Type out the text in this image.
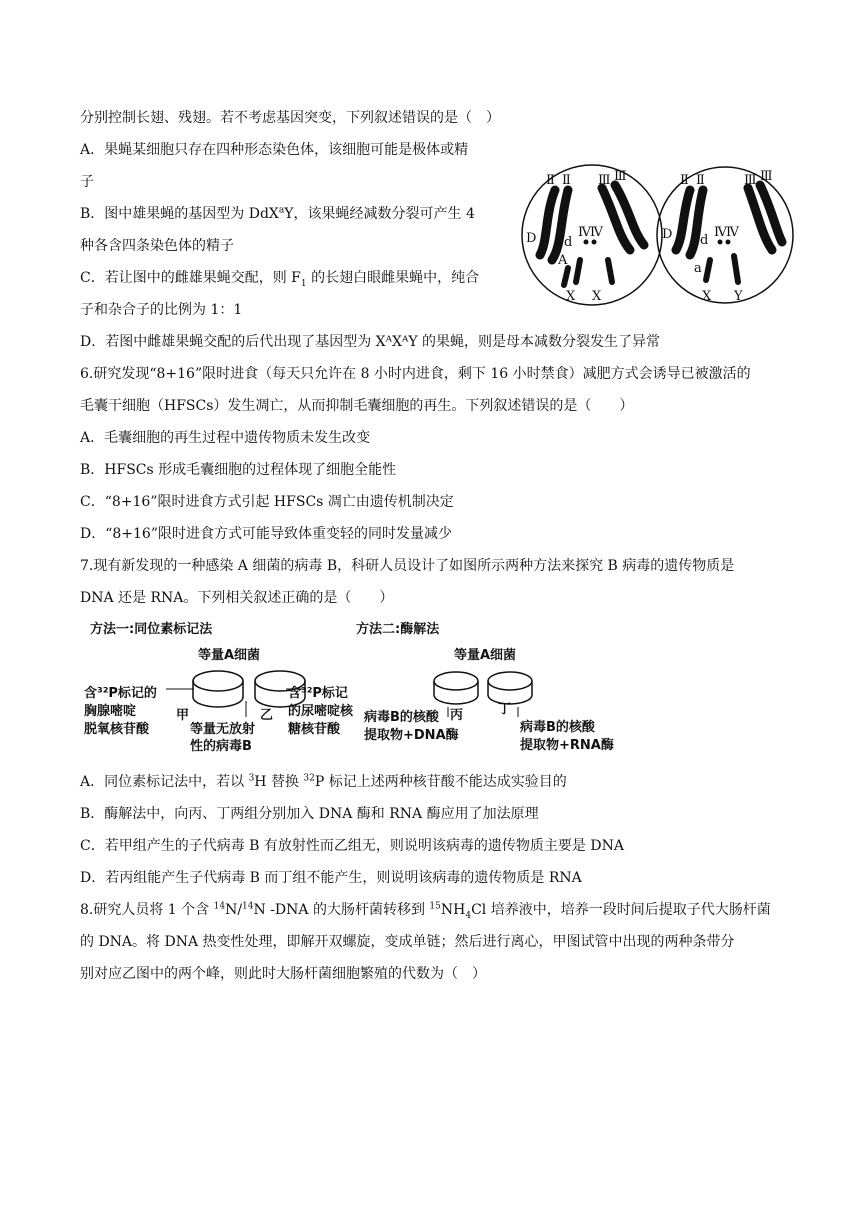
分别控制长翅、残翅。若不考虑基因突变，下列叙述错误的是（　）
A．果蝇某细胞只存在四种形态染色体，该细胞可能是极体或精
子
B．图中雄果蝇的基因型为 DdX$^a$Y，该果蝇经减数分裂可产生 4
种各含四条染色体的精子
C．若让图中的雌雄果蝇交配，则 $F_1$ 的长翅白眼雌果蝇中，纯合
子和杂合子的比例为 1：1
Ⅱ Ⅱ Ⅲ Ⅲ
D d
Ⅳ Ⅳ
A
a
X X
Ⅱ Ⅱ	Ⅲ Ⅲ
D d
Ⅳ Ⅳ
a
X Y
D．若图中雌雄果蝇交配的后代出现了基因型为 XᴬXᴬY 的果蝇，则是母本减数分裂发生了异常
6.研究发现“8+16”限时进食（每天只允许在 8 小时内进食，剩下 16 小时禁食）减肥方式会诱导已被激活的
毛囊干细胞（HFSCs）发生凋亡，从而抑制毛囊细胞的再生。下列叙述错误的是（　　）
A．毛囊细胞的再生过程中遗传物质未发生改变
B．HFSCs 形成毛囊细胞的过程体现了细胞全能性
C．“8+16”限时进食方式引起 HFSCs 凋亡由遗传机制决定
D．“8+16”限时进食方式可能导致体重变轻的同时发量减少
7.现有新发现的一种感染 A 细菌的病毒 B，科研人员设计了如图所示两种方法来探究 B 病毒的遗传物质是
DNA 还是 RNA。下列相关叙述正确的是（　　）
方法一:同位素标记法	方法二:酶解法
等量A细菌	等量A细菌
含³²P标记的
胸腺嘧啶
脱氧核苷酸
甲	乙
等量无放射
性的病毒B
含³²P标记
的尿嘧啶核
糖核苷酸
丙	丁
病毒B的核酸
提取物+DNA酶
病毒B的核酸
提取物+RNA酶
A．同位素标记法中，若以 $^3$H 替换 $^{32}$P 标记上述两种核苷酸不能达成实验目的
B．酶解法中，向丙、丁两组分别加入 DNA 酶和 RNA 酶应用了加法原理
C．若甲组产生的子代病毒 B 有放射性而乙组无，则说明该病毒的遗传物质主要是 DNA
D．若丙组能产生子代病毒 B 而丁组不能产生，则说明该病毒的遗传物质是 RNA
8.研究人员将 1 个含 $^{14}$N/$^{14}$N -DNA 的大肠杆菌转移到 $^{15}NH_4Cl$ 培养液中，培养一段时间后提取子代大肠杆菌
的 DNA。将 DNA 热变性处理，即解开双螺旋，变成单链；然后进行离心，甲图试管中出现的两种条带分
别对应乙图中的两个峰，则此时大肠杆菌细胞繁殖的代数为（　）
